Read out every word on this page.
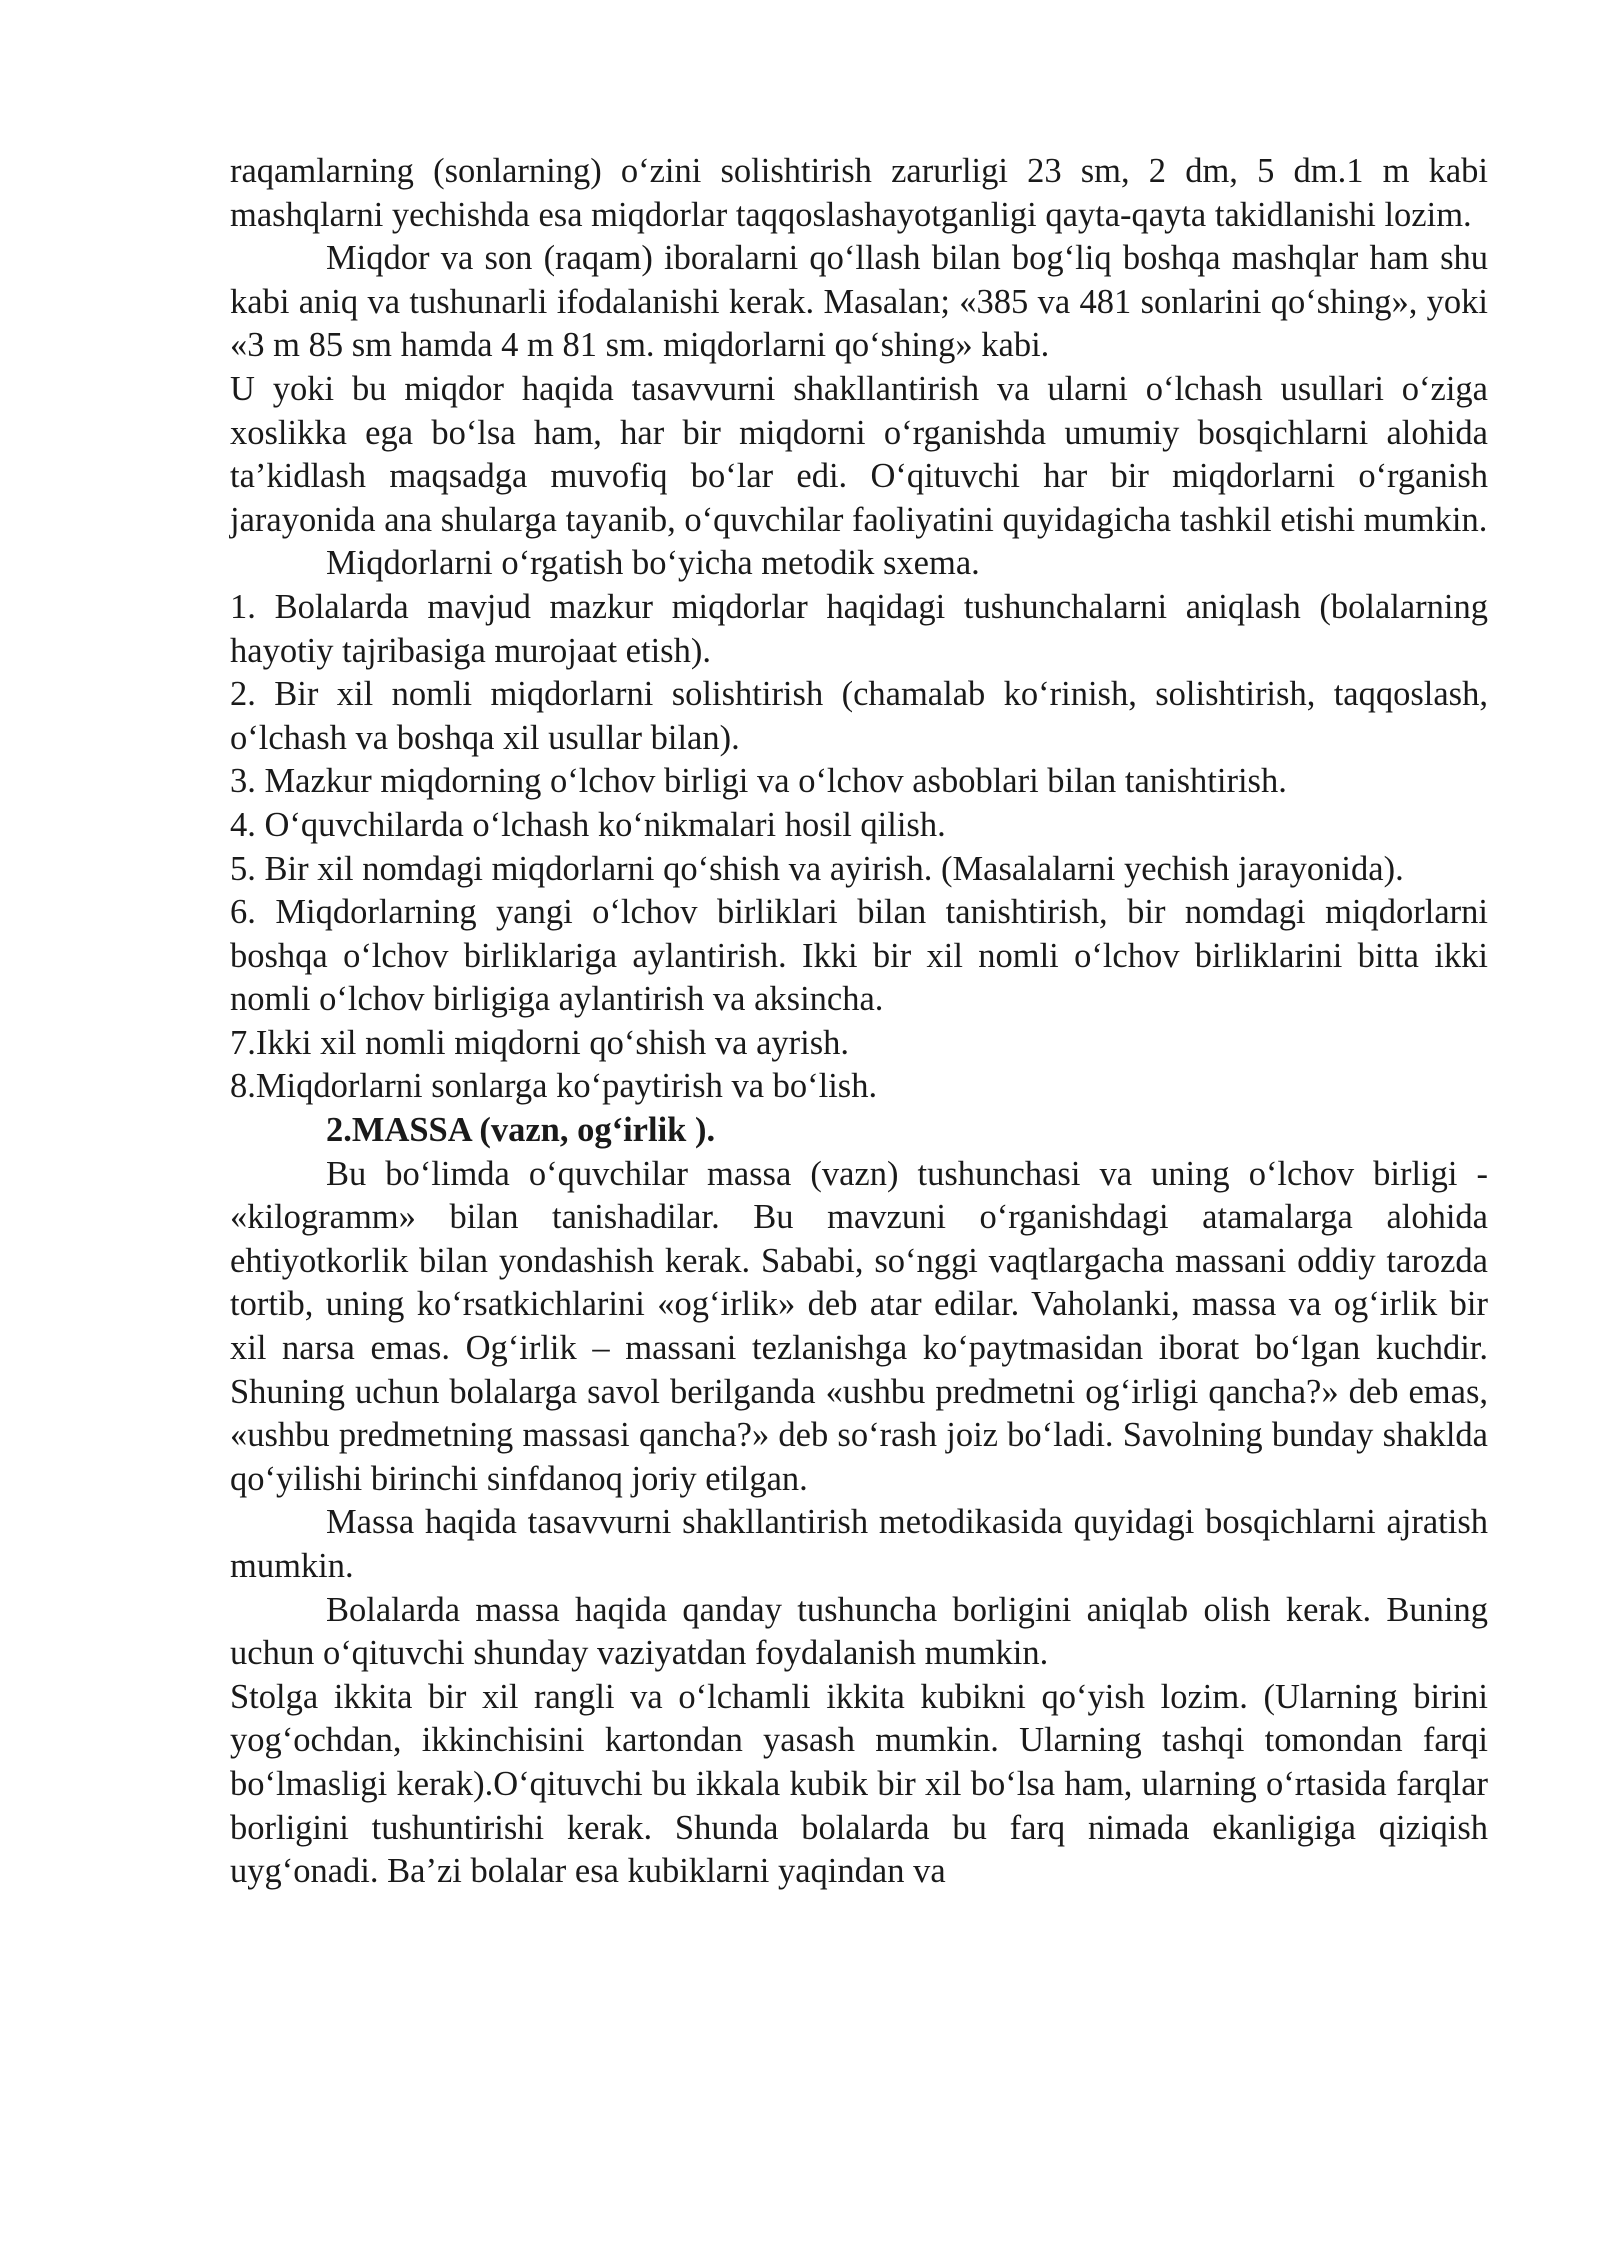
raqamlarning (sonlarning) o‘zini solishtirish zarurligi 23 sm, 2 dm, 5 dm.1 m kabi mashqlarni yechishda esa miqdorlar taqqoslashayotganligi qayta-qayta takidlanishi lozim.

Miqdor va son (raqam) iboralarni qo‘llash bilan bog‘liq boshqa mashqlar ham shu kabi aniq va tushunarli ifodalanishi kerak. Masalan; «385 va 481 sonlarini qo‘shing», yoki «3 m 85 sm hamda 4 m 81 sm. miqdorlarni qo‘shing» kabi.

U yoki bu miqdor haqida tasavvurni shakllantirish va ularni o‘lchash usullari o‘ziga xoslikka ega bo‘lsa ham, har bir miqdorni o‘rganishda umumiy bosqichlarni alohida ta’kidlash maqsadga muvofiq bo‘lar edi. O‘qituvchi har bir miqdorlarni o‘rganish jarayonida ana shularga tayanib, o‘quvchilar faoliyatini quyidagicha tashkil etishi mumkin.

Miqdorlarni o‘rgatish bo‘yicha metodik sxema.

1. Bolalarda mavjud mazkur miqdorlar haqidagi tushunchalarni aniqlash (bolalarning hayotiy tajribasiga murojaat etish).

2. Bir xil nomli miqdorlarni solishtirish (chamalab ko‘rinish, solishtirish, taqqoslash, o‘lchash va boshqa xil usullar bilan).

3. Mazkur miqdorning o‘lchov birligi va o‘lchov asboblari bilan tanishtirish.

4. O‘quvchilarda o‘lchash ko‘nikmalari hosil qilish.

5. Bir xil nomdagi miqdorlarni qo‘shish va ayirish. (Masalalarni yechish jarayonida).

6. Miqdorlarning yangi o‘lchov birliklari bilan tanishtirish, bir nomdagi miqdorlarni boshqa o‘lchov birliklariga aylantirish. Ikki bir xil nomli o‘lchov birliklarini bitta ikki nomli o‘lchov birligiga aylantirish va aksincha.

7.Ikki xil nomli miqdorni qo‘shish va ayrish.

8.Miqdorlarni sonlarga ko‘paytirish va bo‘lish.

2.MASSA (vazn, og‘irlik ).

Bu bo‘limda o‘quvchilar massa (vazn) tushunchasi va uning o‘lchov birligi - «kilogramm» bilan tanishadilar. Bu mavzuni o‘rganishdagi atamalarga alohida ehtiyotkorlik bilan yondashish kerak. Sababi, so‘nggi vaqtlargacha massani oddiy tarozda tortib, uning ko‘rsatkichlarini «og‘irlik» deb atar edilar. Vaholanki, massa va og‘irlik bir xil narsa emas. Og‘irlik – massani tezlanishga ko‘paytmasidan iborat bo‘lgan kuchdir. Shuning uchun bolalarga savol berilganda «ushbu predmetni og‘irligi qancha?» deb emas, «ushbu predmetning massasi qancha?» deb so‘rash joiz bo‘ladi. Savolning bunday shaklda qo‘yilishi birinchi sinfdanoq joriy etilgan.

Massa haqida tasavvurni shakllantirish metodikasida quyidagi bosqichlarni ajratish mumkin.

Bolalarda massa haqida qanday tushuncha borligini aniqlab olish kerak. Buning uchun o‘qituvchi shunday vaziyatdan foydalanish mumkin.

Stolga ikkita bir xil rangli va o‘lchamli ikkita kubikni qo‘yish lozim. (Ularning birini yog‘ochdan, ikkinchisini kartondan yasash mumkin. Ularning tashqi tomondan farqi bo‘lmasligi kerak).O‘qituvchi bu ikkala kubik bir xil bo‘lsa ham, ularning o‘rtasida farqlar borligini tushuntirishi kerak. Shunda bolalarda bu farq nimada ekanligiga qiziqish uyg‘onadi. Ba’zi bolalar esa kubiklarni yaqindan va
